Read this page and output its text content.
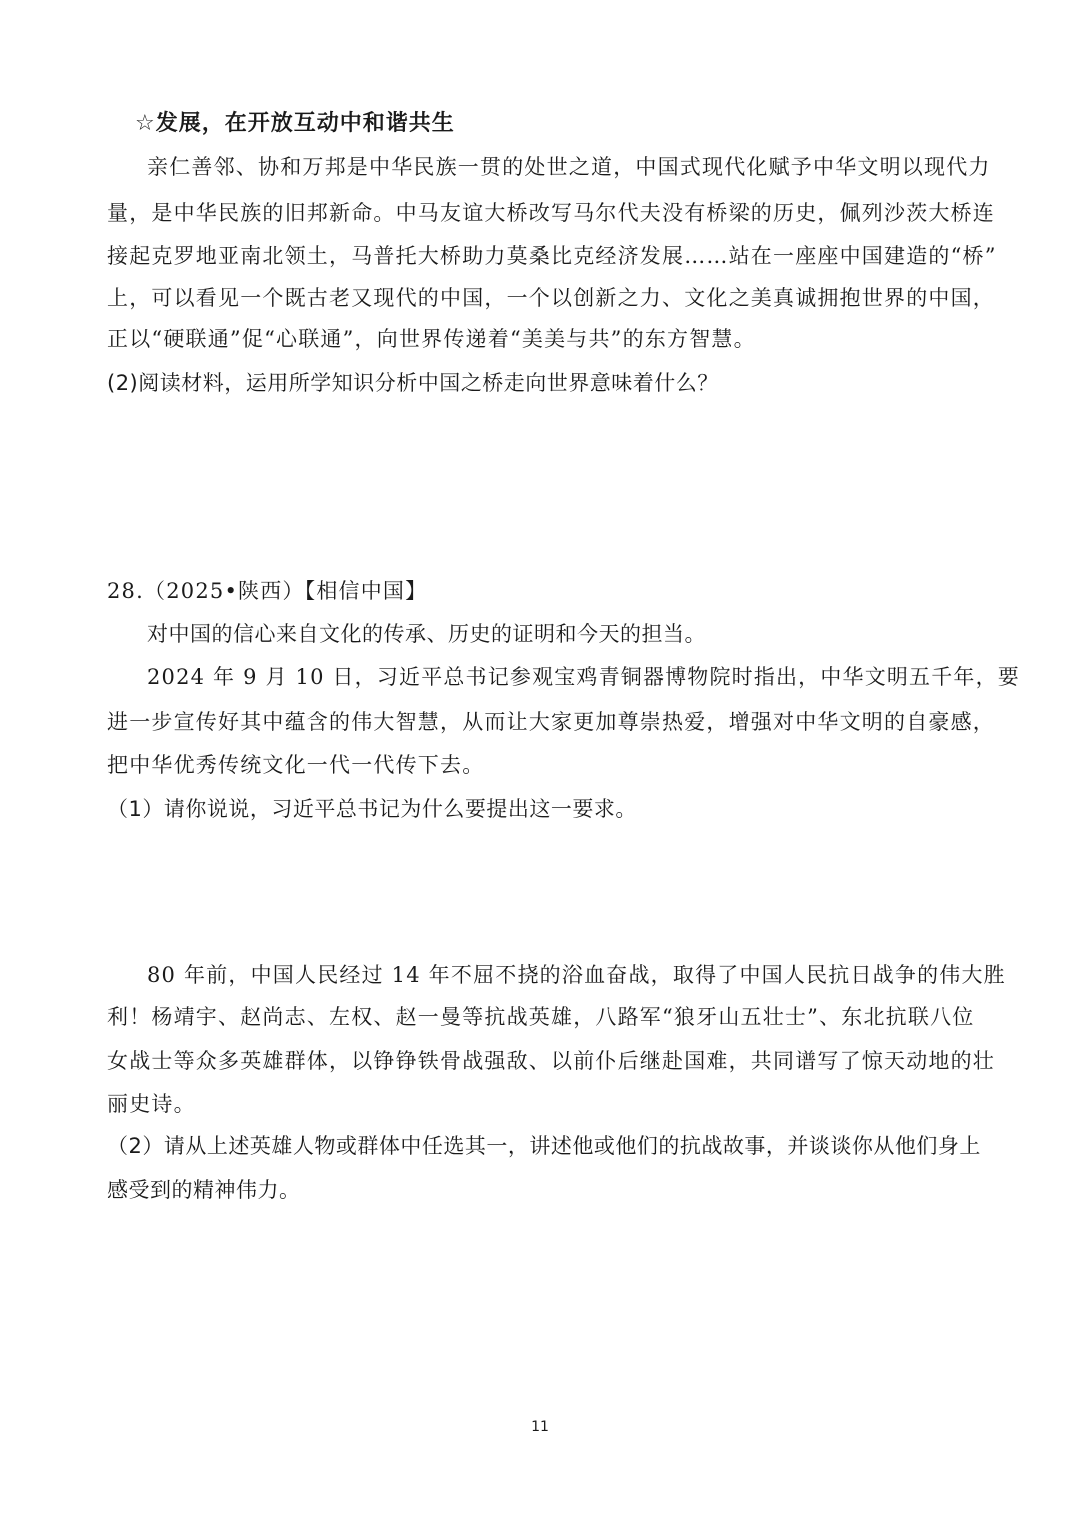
☆发展，在开放互动中和谐共生
亲仁善邻、协和万邦是中华民族一贯的处世之道，中国式现代化赋予中华文明以现代力
量，是中华民族的旧邦新命。中马友谊大桥改写马尔代夫没有桥梁的历史，佩列沙茨大桥连
接起克罗地亚南北领土，马普托大桥助力莫桑比克经济发展……站在一座座中国建造的“桥”
上，可以看见一个既古老又现代的中国，一个以创新之力、文化之美真诚拥抱世界的中国，
正以“硬联通”促“心联通”，向世界传递着“美美与共”的东方智慧。
(2)阅读材料，运用所学知识分析中国之桥走向世界意味着什么？
28.（2025•陕西）【相信中国】
对中国的信心来自文化的传承、历史的证明和今天的担当。
2024 年 9 月 10 日，习近平总书记参观宝鸡青铜器博物院时指出，中华文明五千年，要
进一步宣传好其中蕴含的伟大智慧，从而让大家更加尊崇热爱，增强对中华文明的自豪感，
把中华优秀传统文化一代一代传下去。
（1）请你说说，习近平总书记为什么要提出这一要求。
80 年前，中国人民经过 14 年不屈不挠的浴血奋战，取得了中国人民抗日战争的伟大胜
利！杨靖宇、赵尚志、左权、赵一曼等抗战英雄，八路军“狼牙山五壮士”、东北抗联八位
女战士等众多英雄群体，以铮铮铁骨战强敌、以前仆后继赴国难，共同谱写了惊天动地的壮
丽史诗。
（2）请从上述英雄人物或群体中任选其一，讲述他或他们的抗战故事，并谈谈你从他们身上
感受到的精神伟力。
11
